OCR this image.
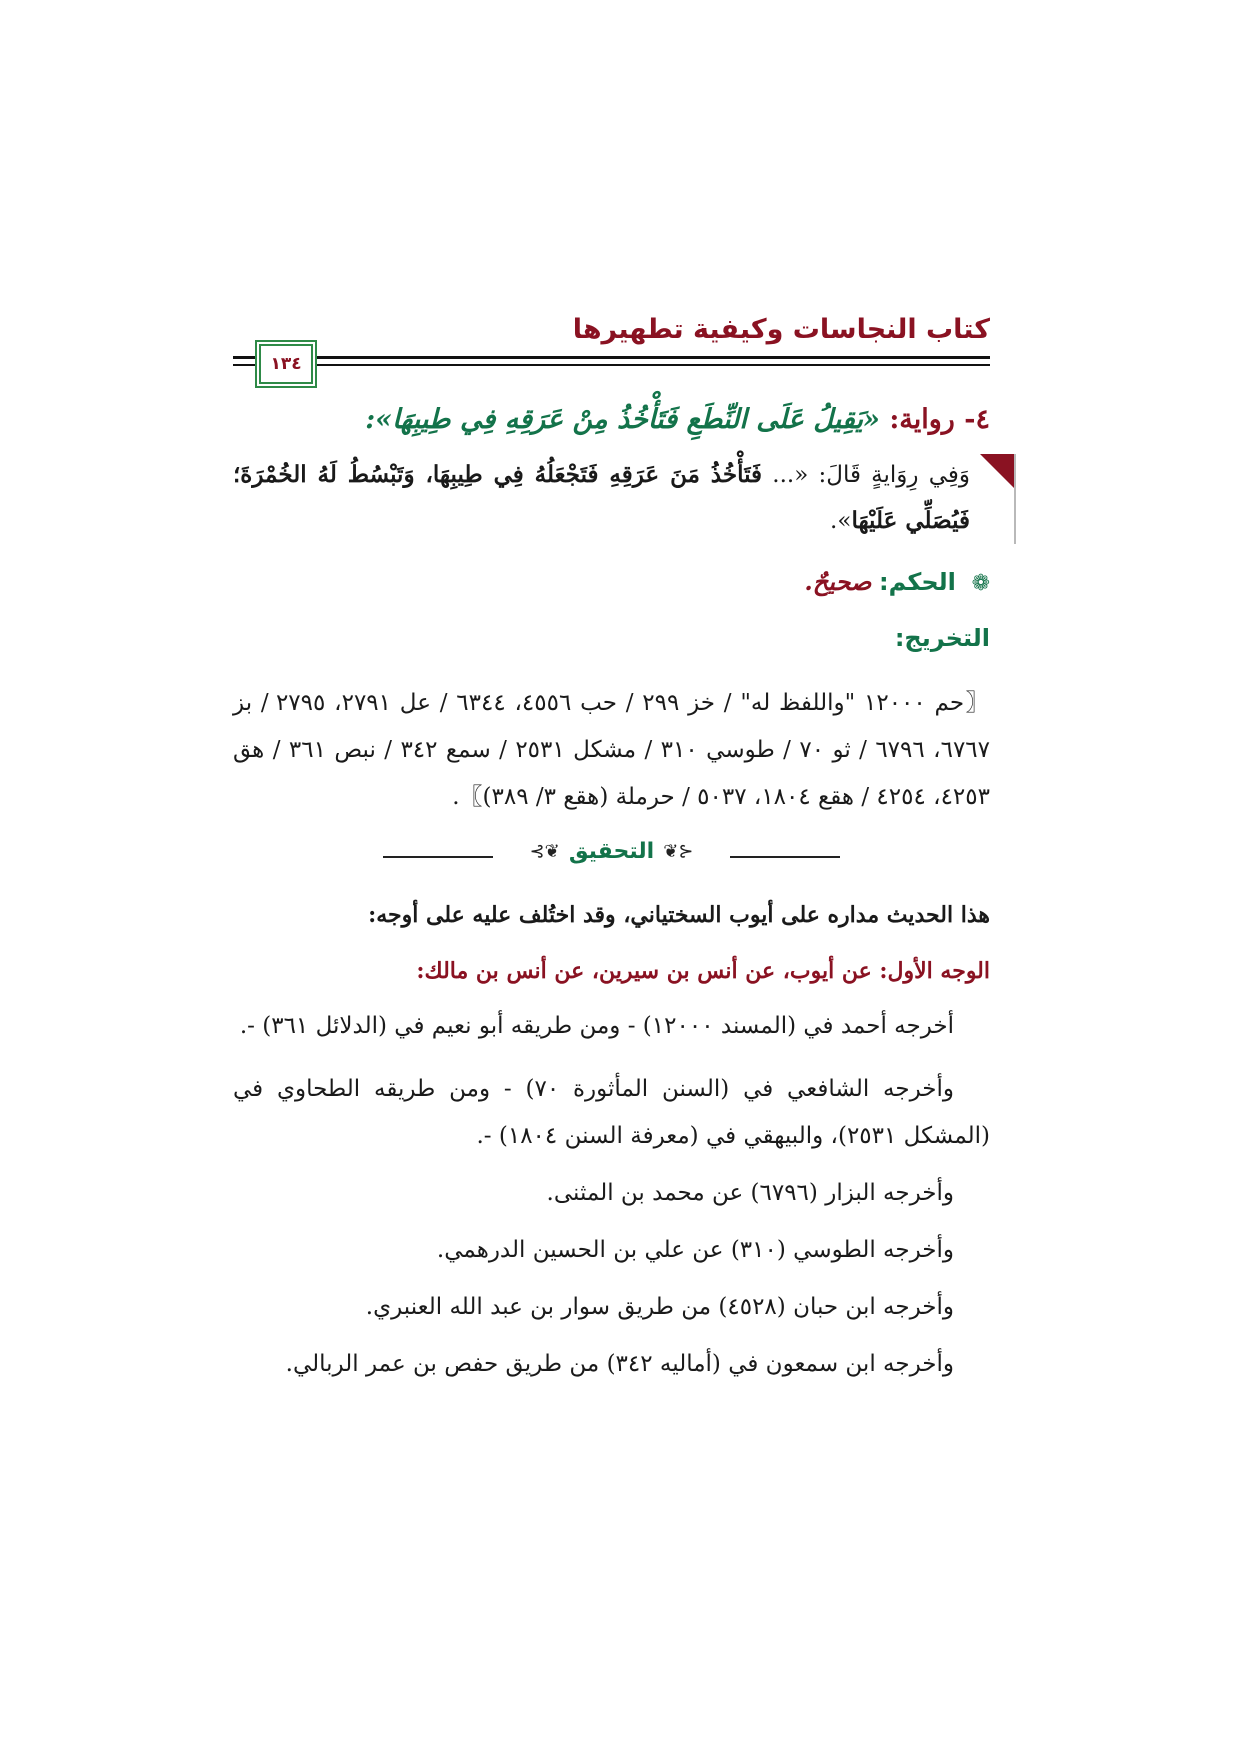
كتاب النجاسات وكيفية تطهيرها
١٣٤
٤- رواية: «يَقِيلُ عَلَى النِّطَعِ فَتَأْخُذُ مِنْ عَرَقِهِ فِي طِيبِهَا»:
وَفِي رِوَايةٍ قَالَ: «... فَتَأْخُذُ مَنَ عَرَقِهِ فَتَجْعَلُهُ فِي طِيبِهَا، وَتَبْسُطُ لَهُ الخُمْرَةَ؛ فَيُصَلِّي عَلَيْهَا».
❁ الحكم: صحيحٌ.
التخريج:
〖حم ١٢٠٠٠ "واللفظ له" / خز ٢٩٩ / حب ٤٥٥٦، ٦٣٤٤ / عل ٢٧٩١، ٢٧٩٥ / بز ٦٧٦٧، ٦٧٩٦ / ثو ٧٠ / طوسي ٣١٠ / مشكل ٢٥٣١ / سمع ٣٤٢ / نبص ٣٦١ / هق ٤٢٥٣، ٤٢٥٤ / هقع ١٨٠٤، ٥٠٣٧ / حرملة (هقع ٣/ ٣٨٩)〗.
⊰❦ التحقيق ❦⊱
هذا الحديث مداره على أيوب السختياني، وقد اختُلف عليه على أوجه:
الوجه الأول: عن أيوب، عن أنس بن سيرين، عن أنس بن مالك:
أخرجه أحمد في (المسند ١٢٠٠٠) - ومن طريقه أبو نعيم في (الدلائل ٣٦١) -.
وأخرجه الشافعي في (السنن المأثورة ٧٠) - ومن طريقه الطحاوي في (المشكل ٢٥٣١)، والبيهقي في (معرفة السنن ١٨٠٤) -.
وأخرجه البزار (٦٧٩٦) عن محمد بن المثنى.
وأخرجه الطوسي (٣١٠) عن علي بن الحسين الدرهمي.
وأخرجه ابن حبان (٤٥٢٨) من طريق سوار بن عبد الله العنبري.
وأخرجه ابن سمعون في (أماليه ٣٤٢) من طريق حفص بن عمر الربالي.
